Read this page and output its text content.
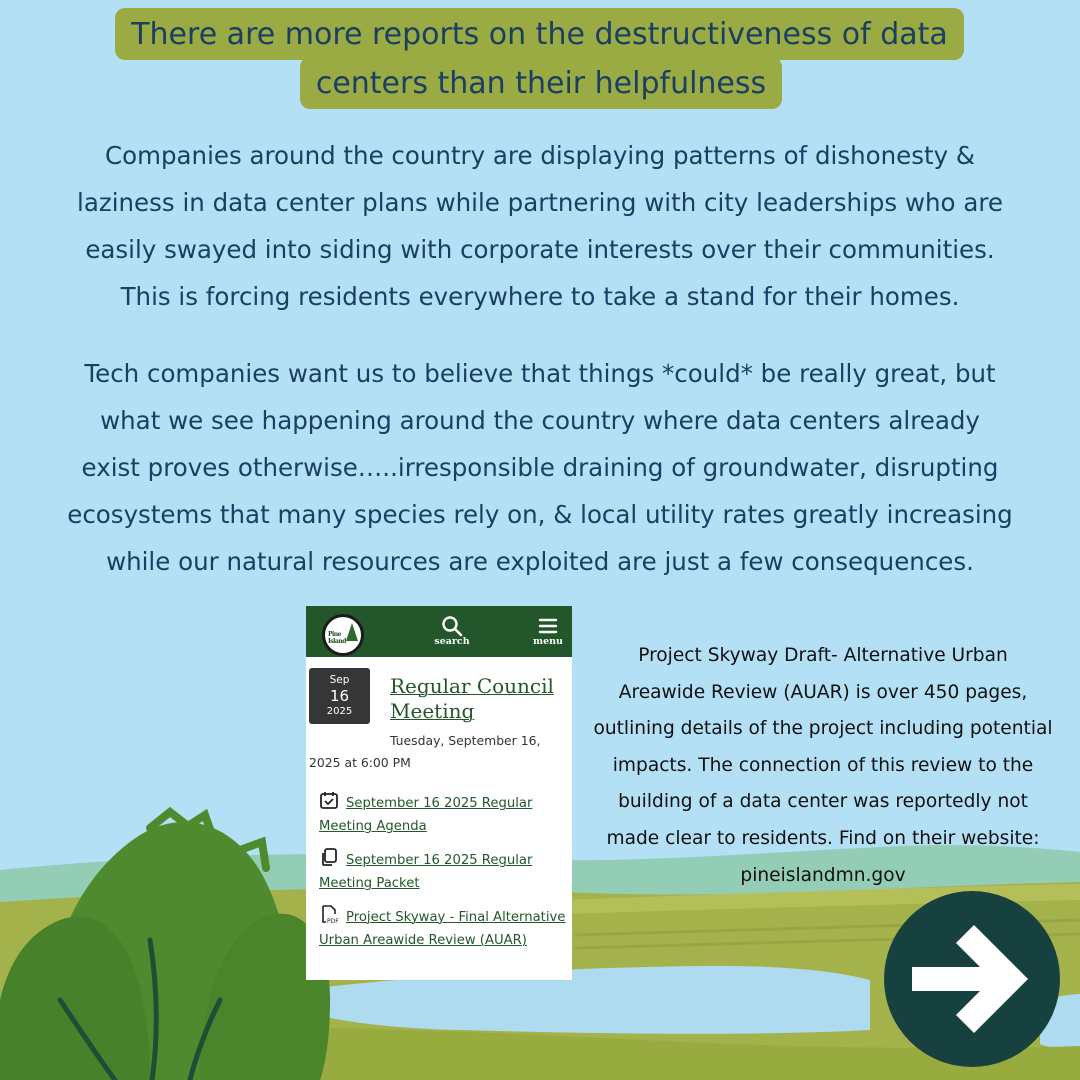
There are more reports on the destructiveness of data
centers than their helpfulness
Companies around the country are displaying patterns of dishonesty &
laziness in data center plans while partnering with city leaderships who are
easily swayed into siding with corporate interests over their communities.
This is forcing residents everywhere to take a stand for their homes.
Tech companies want us to believe that things *could* be really great, but
what we see happening around the country where data centers already
exist proves otherwise…..irresponsible draining of groundwater, disrupting
ecosystems that many species rely on, & local utility rates greatly increasing
while our natural resources are exploited are just a few consequences.
Pine Island	search	menu
Sep
16
2025
Regular Council Meeting
Tuesday, September 16, 2025 at 6:00 PM
September 16 2025 Regular Meeting Agenda
September 16 2025 Regular Meeting Packet
PDF Project Skyway - Final Alternative Urban Areawide Review (AUAR)
Project Skyway Draft- Alternative Urban
Areawide Review (AUAR) is over 450 pages,
outlining details of the project including potential
impacts. The connection of this review to the
building of a data center was reportedly not
made clear to residents. Find on their website:
pineislandmn.gov
